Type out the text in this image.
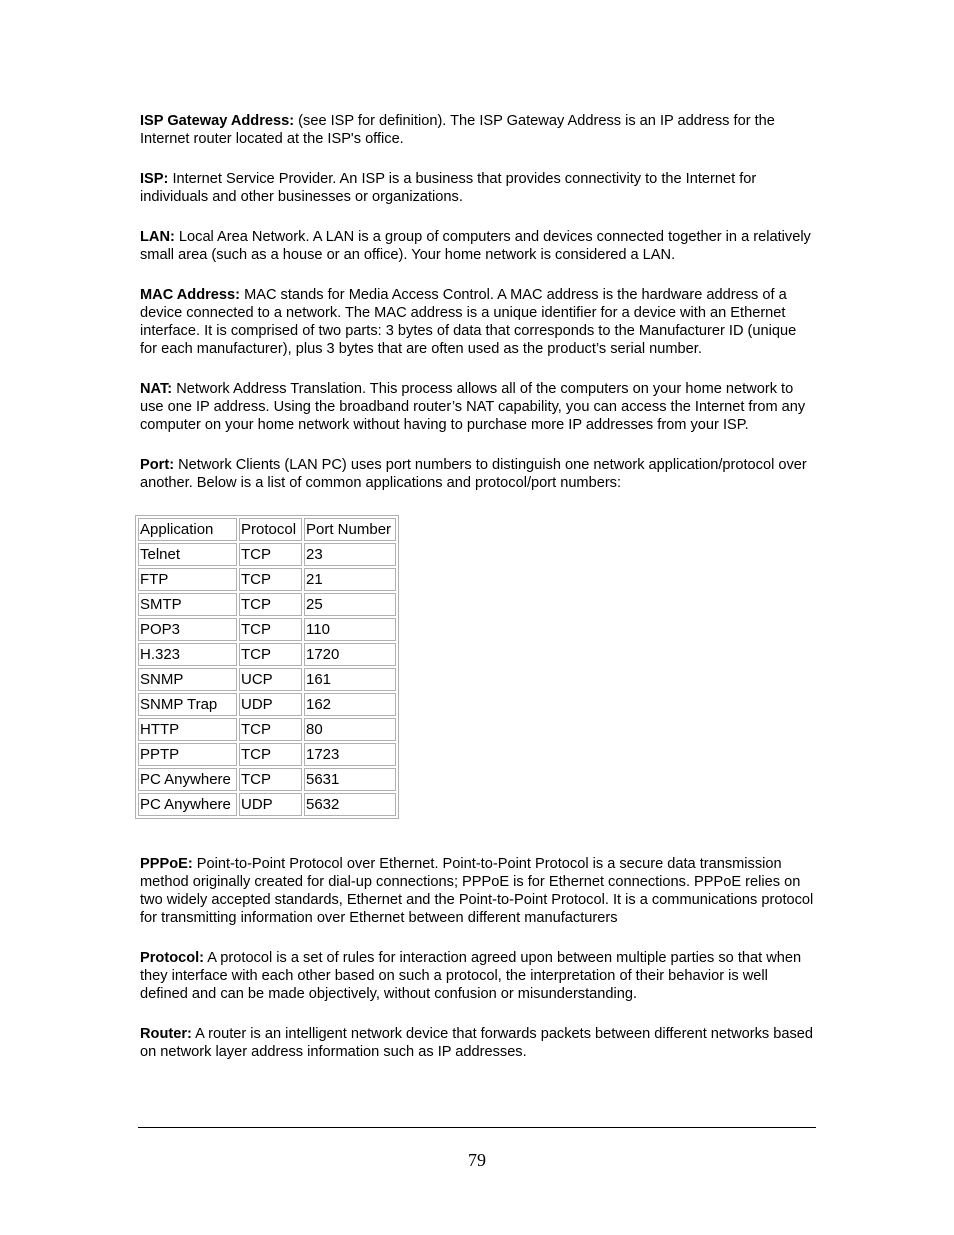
ISP Gateway Address: (see ISP for definition). The ISP Gateway Address is an IP address for the Internet router located at the ISP's office.

ISP: Internet Service Provider. An ISP is a business that provides connectivity to the Internet for individuals and other businesses or organizations.

LAN: Local Area Network. A LAN is a group of computers and devices connected together in a relatively small area (such as a house or an office). Your home network is considered a LAN.

MAC Address: MAC stands for Media Access Control. A MAC address is the hardware address of a device connected to a network. The MAC address is a unique identifier for a device with an Ethernet interface. It is comprised of two parts: 3 bytes of data that corresponds to the Manufacturer ID (unique for each manufacturer), plus 3 bytes that are often used as the product’s serial number.

NAT: Network Address Translation. This process allows all of the computers on your home network to use one IP address. Using the broadband router’s NAT capability, you can access the Internet from any computer on your home network without having to purchase more IP addresses from your ISP.

Port: Network Clients (LAN PC) uses port numbers to distinguish one network application/protocol over another. Below is a list of common applications and protocol/port numbers:

Application	Protocol	Port Number
Telnet	TCP	23
FTP	TCP	21
SMTP	TCP	25
POP3	TCP	110
H.323	TCP	1720
SNMP	UCP	161
SNMP Trap	UDP	162
HTTP	TCP	80
PPTP	TCP	1723
PC Anywhere	TCP	5631
PC Anywhere	UDP	5632

PPPoE: Point-to-Point Protocol over Ethernet. Point-to-Point Protocol is a secure data transmission method originally created for dial-up connections; PPPoE is for Ethernet connections. PPPoE relies on two widely accepted standards, Ethernet and the Point-to-Point Protocol. It is a communications protocol for transmitting information over Ethernet between different manufacturers

Protocol: A protocol is a set of rules for interaction agreed upon between multiple parties so that when they interface with each other based on such a protocol, the interpretation of their behavior is well defined and can be made objectively, without confusion or misunderstanding.

Router: A router is an intelligent network device that forwards packets between different networks based on network layer address information such as IP addresses.

79
